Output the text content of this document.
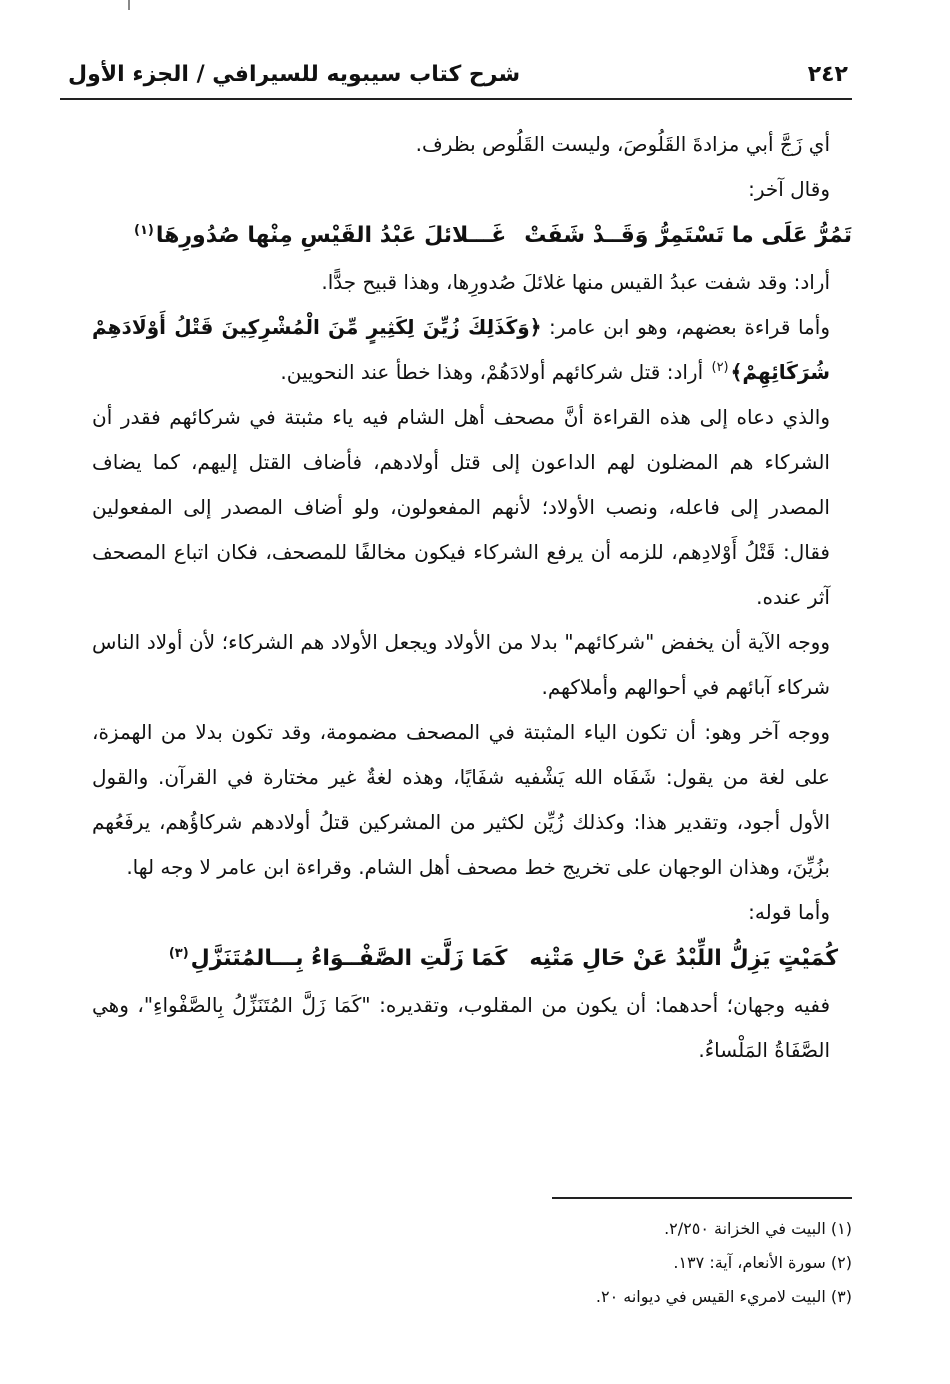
٢٤٢
شرح كتاب سيبويه للسيرافي / الجزء الأول

أي زَجَّ أبي مزادةَ القَلُوصَ، وليست القَلُوص بظرف.

وقال آخر:

تَمُرُّ عَلَى ما تَسْتَمِرُّ وَقَــدْ شَفَتْ
غَـــلائلَ عَبْدُ القَيْسِ مِنْها صُدُورِهَا$^{(١)}$

أراد: وقد شفت عبدُ القيس منها غلائلَ صُدورِها، وهذا قبيح جدًّا.

وأما قراءة بعضهم، وهو ابن عامر: ﴿وَكَذَلِكَ زُيِّنَ لِكَثِيرٍ مِّنَ الْمُشْرِكِينَ قَتْلُ أَوْلَادَهِمْ شُرَكَائِهِمْ﴾$^{(٢)}$ أراد: قتل شركائهم أولادَهُمْ، وهذا خطأ عند النحويين.

والذي دعاه إلى هذه القراءة أنَّ مصحف أهل الشام فيه ياء مثبتة في شركائهم فقدر أن الشركاء هم المضلون لهم الداعون إلى قتل أولادهم، فأضاف القتل إليهم، كما يضاف المصدر إلى فاعله، ونصب الأولاد؛ لأنهم المفعولون، ولو أضاف المصدر إلى المفعولين فقال: قَتْلُ أَوْلادِهم، للزمه أن يرفع الشركاء فيكون مخالفًا للمصحف، فكان اتباع المصحف آثر عنده.

ووجه الآية أن يخفض "شركائهم" بدلا من الأولاد ويجعل الأولاد هم الشركاء؛ لأن أولاد الناس شركاء آبائهم في أحوالهم وأملاكهم.

ووجه آخر وهو: أن تكون الياء المثبتة في المصحف مضمومة، وقد تكون بدلا من الهمزة، على لغة من يقول: شَفَاه الله يَشْفيه شفَايًا، وهذه لغةٌ غير مختارة في القرآن. والقول الأول أجود، وتقدير هذا: وكذلك زُيِّن لكثير من المشركين قتلُ أولادهم شركاؤُهم، يرفَعُهم بزُيِّنَ، وهذان الوجهان على تخريج خط مصحف أهل الشام. وقراءة ابن عامر لا وجه لها.

وأما قوله:

كُمَيْتٍ يَزِلُّ اللِّبْدُ عَنْ حَالِ مَتْنِه
كَمَا زَلَّتِ الصَّفْــوَاءُ بِـــالمُتَنَزَّلِ$^{(٣)}$

ففيه وجهان؛ أحدهما: أن يكون من المقلوب، وتقديره: "كَمَا زَلَّ المُتَنَزِّلُ بِالصَّفْواءِ"، وهي الصَّفَاةُ المَلْساءُ.

(١) البيت في الخزانة ٢/٢٥٠.

(٢) سورة الأنعام، آية: ١٣٧.

(٣) البيت لامريء القيس في ديوانه ٢٠.
